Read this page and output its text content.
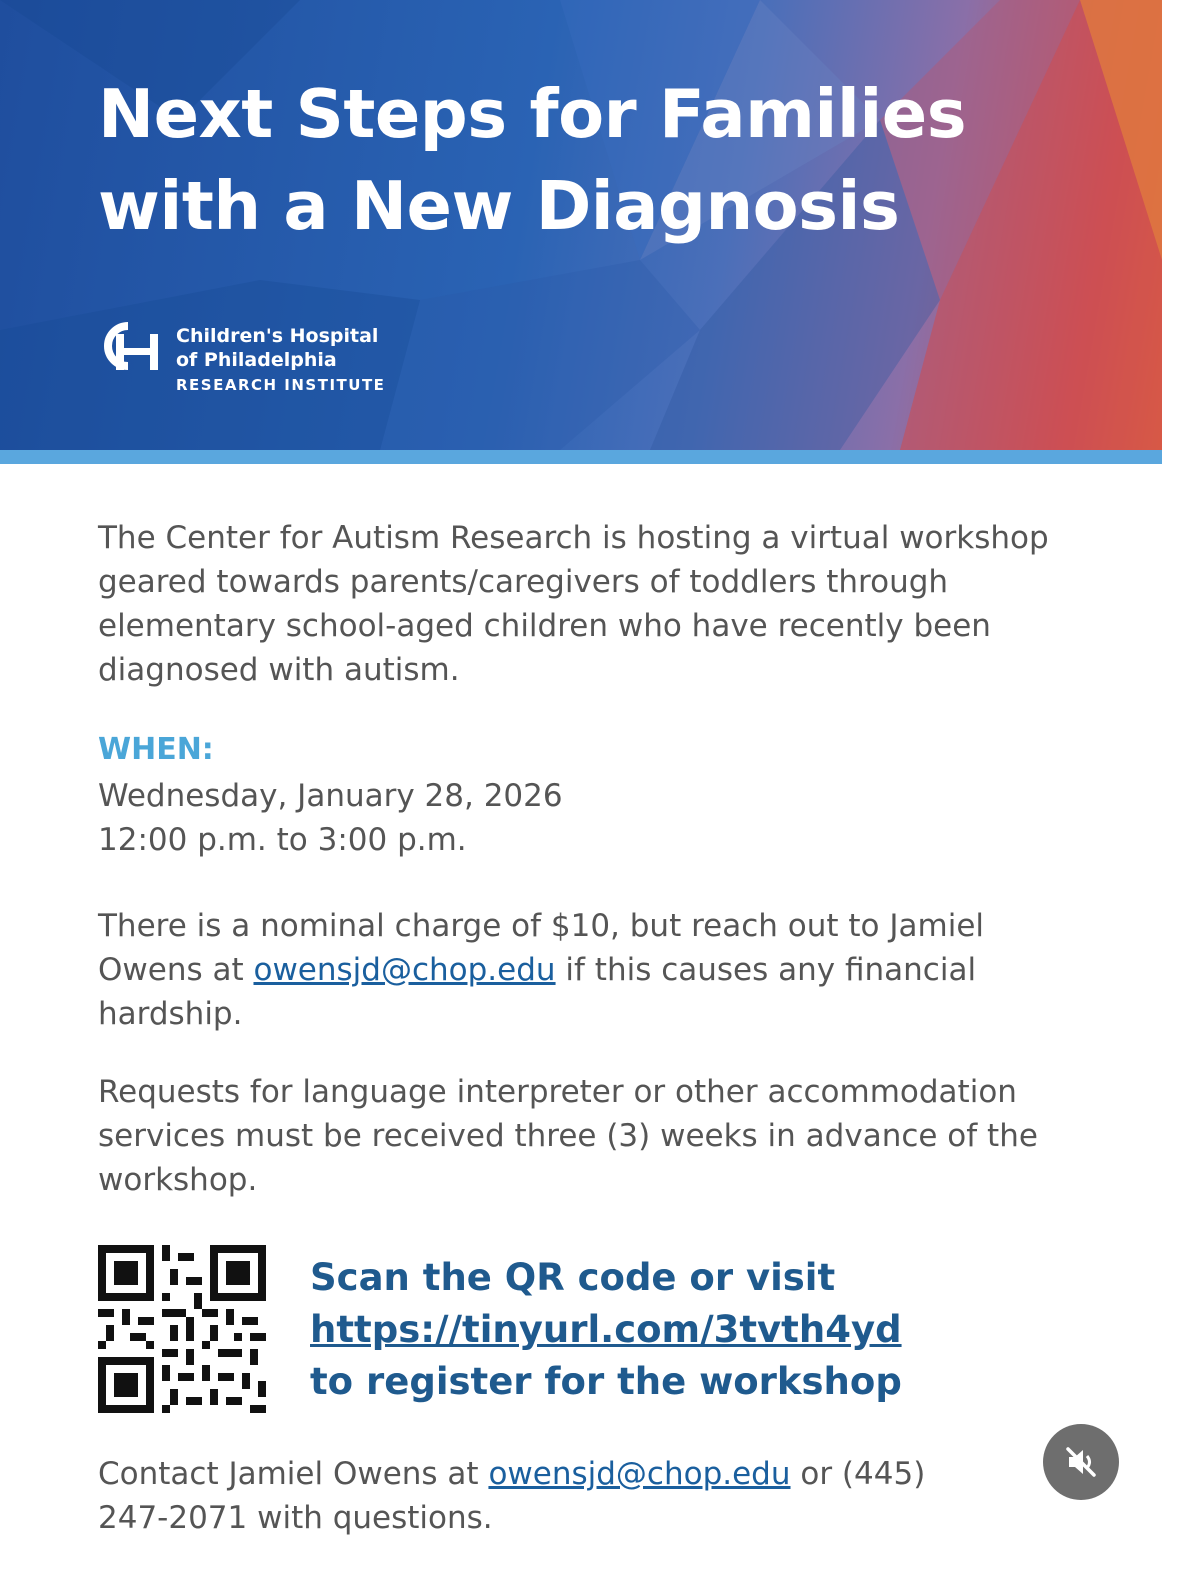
Next Steps for Families
with a New Diagnosis
Children's Hospital
of Philadelphia
RESEARCH INSTITUTE
The Center for Autism Research is hosting a virtual workshop geared towards parents/caregivers of toddlers through elementary school-aged children who have recently been diagnosed with autism.
WHEN:
Wednesday, January 28, 2026
12:00 p.m. to 3:00 p.m.
There is a nominal charge of $10, but reach out to Jamiel Owens at owensjd@chop.edu if this causes any financial hardship.
Requests for language interpreter or other accommodation services must be received three (3) weeks in advance of the workshop.
Scan the QR code or visit
https://tinyurl.com/3tvth4yd
to register for the workshop
Contact Jamiel Owens at owensjd@chop.edu or (445) 247-2071 with questions.
